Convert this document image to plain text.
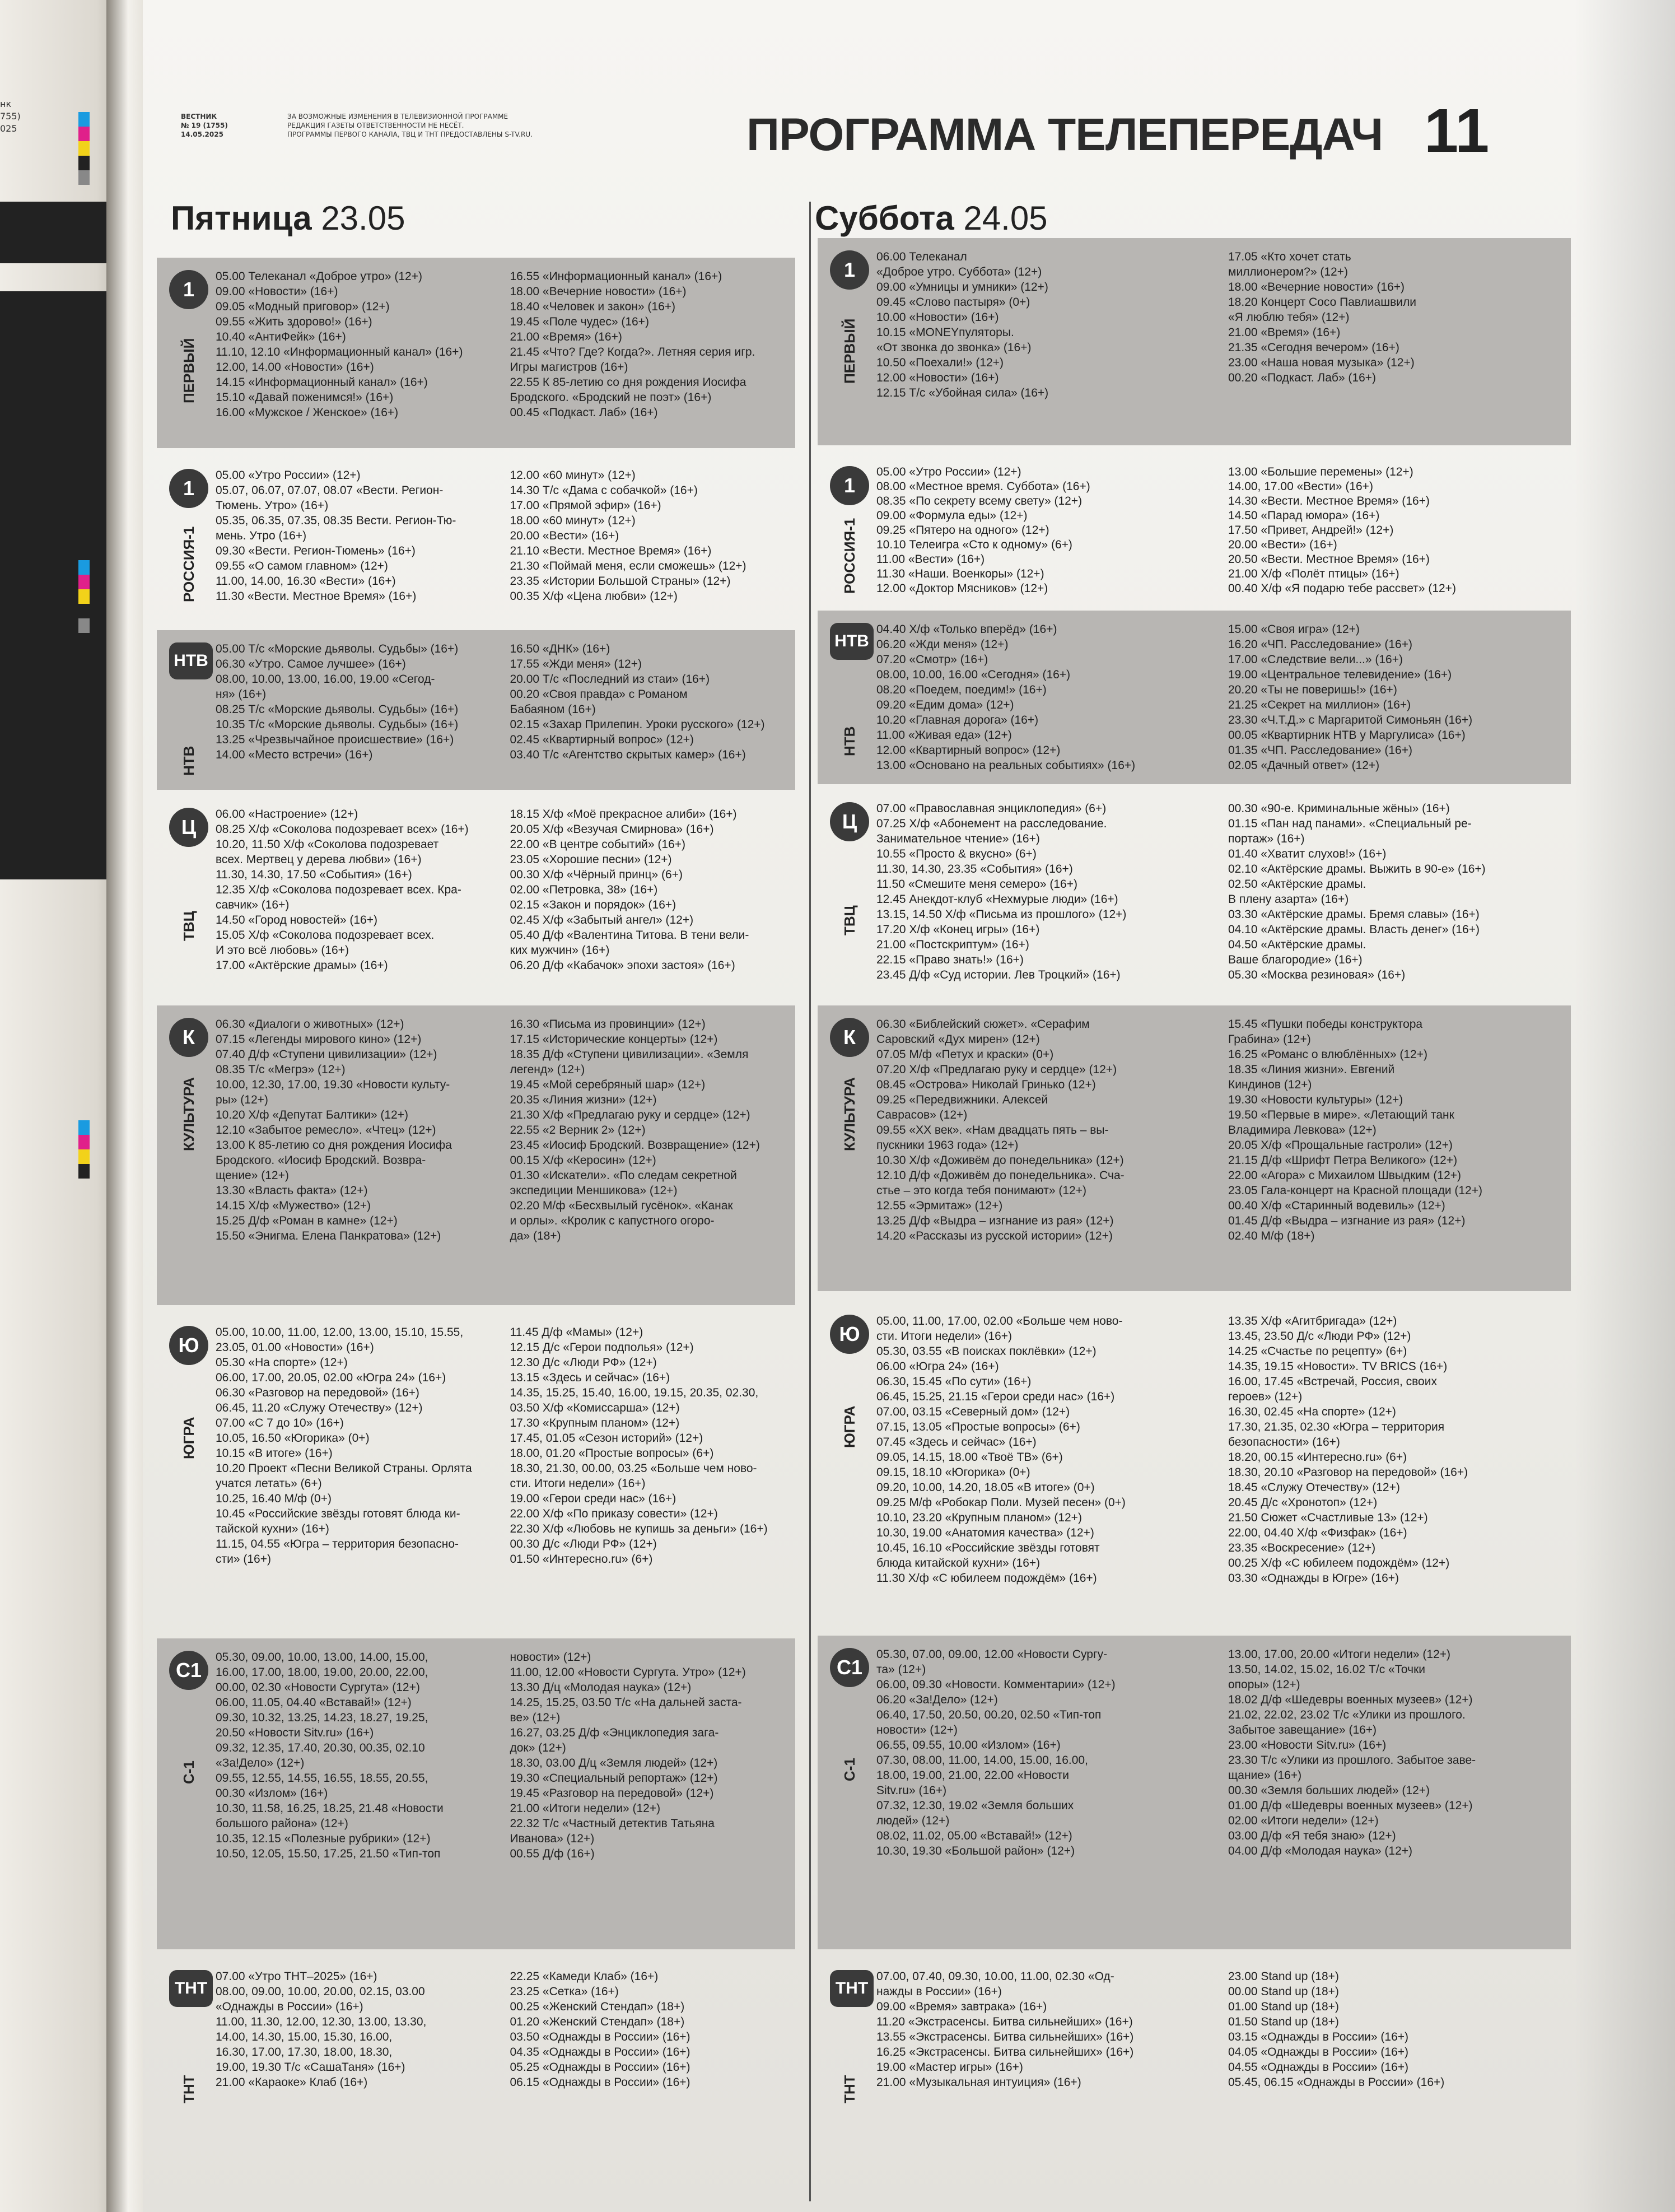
нк
755)
025
ВЕСТНИК
№ 19 (1755)
14.05.2025
ЗА ВОЗМОЖНЫЕ ИЗМЕНЕНИЯ В ТЕЛЕВИЗИОННОЙ ПРОГРАММЕ
РЕДАКЦИЯ ГАЗЕТЫ ОТВЕТСТВЕННОСТИ НЕ НЕСЁТ.
ПРОГРАММЫ ПЕРВОГО КАНАЛА, ТВЦ И ТНТ ПРЕДОСТАВЛЕНЫ S-TV.RU.	ПРОГРАММА ТЕЛЕПЕРЕДАЧ 11
Пятница 23.05	Суббота 24.05
1
ПЕРВЫЙ

05.00 Телеканал «Доброе утро» (12+)

09.00 «Новости» (16+)

09.05 «Модный приговор» (12+)

09.55 «Жить здорово!» (16+)

10.40 «АнтиФейк» (16+)

11.10, 12.10 «Информационный канал» (16+)

12.00, 14.00 «Новости» (16+)

14.15 «Информационный канал» (16+)

15.10 «Давай поженимся!» (16+)

16.00 «Мужское / Женское» (16+)

16.55 «Информационный канал» (16+)

18.00 «Вечерние новости» (16+)

18.40 «Человек и закон» (16+)

19.45 «Поле чудес» (16+)

21.00 «Время» (16+)

21.45 «Что? Где? Когда?». Летняя серия игр.

Игры магистров (16+)

22.55 К 85-летию со дня рождения Иосифа

Бродского. «Бродский не поэт» (16+)

00.45 «Подкаст. Лаб» (16+)

1
РОССИЯ-1

05.00 «Утро России» (12+)

05.07, 06.07, 07.07, 08.07 «Вести. Регион-

Тюмень. Утро» (16+)

05.35, 06.35, 07.35, 08.35 Вести. Регион-Тю-

мень. Утро (16+)

09.30 «Вести. Регион-Тюмень» (16+)

09.55 «О самом главном» (12+)

11.00, 14.00, 16.30 «Вести» (16+)

11.30 «Вести. Местное Время» (16+)

12.00 «60 минут» (12+)

14.30 Т/с «Дама с собачкой» (16+)

17.00 «Прямой эфир» (16+)

18.00 «60 минут» (12+)

20.00 «Вести» (16+)

21.10 «Вести. Местное Время» (16+)

21.30 «Поймай меня, если сможешь» (12+)

23.35 «Истории Большой Страны» (12+)

00.35 Х/ф «Цена любви» (12+)

НТВ
НТВ

05.00 Т/с «Морские дьяволы. Судьбы» (16+)

06.30 «Утро. Самое лучшее» (16+)

08.00, 10.00, 13.00, 16.00, 19.00 «Сегод-

ня» (16+)

08.25 Т/с «Морские дьяволы. Судьбы» (16+)

10.35 Т/с «Морские дьяволы. Судьбы» (16+)

13.25 «Чрезвычайное происшествие» (16+)

14.00 «Место встречи» (16+)

16.50 «ДНК» (16+)

17.55 «Жди меня» (12+)

20.00 Т/с «Последний из стаи» (16+)

00.20 «Своя правда» с Романом

Бабаяном (16+)

02.15 «Захар Прилепин. Уроки русского» (12+)

02.45 «Квартирный вопрос» (12+)

03.40 Т/с «Агентство скрытых камер» (16+)

Ц
ТВЦ

06.00 «Настроение» (12+)

08.25 Х/ф «Соколова подозревает всех» (16+)

10.20, 11.50 Х/ф «Соколова подозревает

всех. Мертвец у дерева любви» (16+)

11.30, 14.30, 17.50 «События» (16+)

12.35 Х/ф «Соколова подозревает всех. Кра-

савчик» (16+)

14.50 «Город новостей» (16+)

15.05 Х/ф «Соколова подозревает всех.

И это всё любовь» (16+)

17.00 «Актёрские драмы» (16+)

18.15 Х/ф «Моё прекрасное алиби» (16+)

20.05 Х/ф «Везучая Смирнова» (16+)

22.00 «В центре событий» (16+)

23.05 «Хорошие песни» (12+)

00.30 Х/ф «Чёрный принц» (6+)

02.00 «Петровка, 38» (16+)

02.15 «Закон и порядок» (16+)

02.45 Х/ф «Забытый ангел» (12+)

05.40 Д/ф «Валентина Титова. В тени вели-

ких мужчин» (16+)

06.20 Д/ф «Кабачок» эпохи застоя» (16+)

К
КУЛЬТУРА

06.30 «Диалоги о животных» (12+)

07.15 «Легенды мирового кино» (12+)

07.40 Д/ф «Ступени цивилизации» (12+)

08.35 Т/с «Мегрэ» (12+)

10.00, 12.30, 17.00, 19.30 «Новости культу-

ры» (12+)

10.20 Х/ф «Депутат Балтики» (12+)

12.10 «Забытое ремесло». «Чтец» (12+)

13.00 К 85-летию со дня рождения Иосифа

Бродского. «Иосиф Бродский. Возвра-

щение» (12+)

13.30 «Власть факта» (12+)

14.15 Х/ф «Мужество» (12+)

15.25 Д/ф «Роман в камне» (12+)

15.50 «Энигма. Елена Панкратова» (12+)

16.30 «Письма из провинции» (12+)

17.15 «Исторические концерты» (12+)

18.35 Д/ф «Ступени цивилизации». «Земля

легенд» (12+)

19.45 «Мой серебряный шар» (12+)

20.35 «Линия жизни» (12+)

21.30 Х/ф «Предлагаю руку и сердце» (12+)

22.55 «2 Верник 2» (12+)

23.45 «Иосиф Бродский. Возвращение» (12+)

00.15 Х/ф «Керосин» (12+)

01.30 «Искатели». «По следам секретной

экспедиции Меншикова» (12+)

02.20 М/ф «Бесхвылый гусёнок». «Канак

и орлы». «Кролик с капустного огоро-

да» (18+)

Ю
ЮГРА

05.00, 10.00, 11.00, 12.00, 13.00, 15.10, 15.55,

23.05, 01.00 «Новости» (16+)

05.30 «На спорте» (12+)

06.00, 17.00, 20.05, 02.00 «Югра 24» (16+)

06.30 «Разговор на передовой» (16+)

06.45, 11.20 «Служу Отечеству» (12+)

07.00 «С 7 до 10» (16+)

10.05, 16.50 «Югорика» (0+)

10.15 «В итоге» (16+)

10.20 Проект «Песни Великой Страны. Орлята

учатся летать» (6+)

10.25, 16.40 М/ф (0+)

10.45 «Российские звёзды готовят блюда ки-

тайской кухни» (16+)

11.15, 04.55 «Югра – территория безопасно-

сти» (16+)

11.45 Д/ф «Мамы» (12+)

12.15 Д/с «Герои подполья» (12+)

12.30 Д/с «Люди РФ» (12+)

13.15 «Здесь и сейчас» (16+)

14.35, 15.25, 15.40, 16.00, 19.15, 20.35, 02.30,

03.50 Х/ф «Комиссарша» (12+)

17.30 «Крупным планом» (12+)

17.45, 01.05 «Сезон историй» (12+)

18.00, 01.20 «Простые вопросы» (6+)

18.30, 21.30, 00.00, 03.25 «Больше чем ново-

сти. Итоги недели» (16+)

19.00 «Герои среди нас» (16+)

22.00 Х/ф «По приказу совести» (12+)

22.30 Х/ф «Любовь не купишь за деньги» (16+)

00.30 Д/с «Люди РФ» (12+)

01.50 «Интересно.ru» (6+)

С1
С-1

05.30, 09.00, 10.00, 13.00, 14.00, 15.00,

16.00, 17.00, 18.00, 19.00, 20.00, 22.00,

00.00, 02.30 «Новости Сургута» (12+)

06.00, 11.05, 04.40 «Вставай!» (12+)

09.30, 10.32, 13.25, 14.23, 18.27, 19.25,

20.50 «Новости Sitv.ru» (16+)

09.32, 12.35, 17.40, 20.30, 00.35, 02.10

«За!Дело» (12+)

09.55, 12.55, 14.55, 16.55, 18.55, 20.55,

00.30 «Излом» (16+)

10.30, 11.58, 16.25, 18.25, 21.48 «Новости

большого района» (12+)

10.35, 12.15 «Полезные рубрики» (12+)

10.50, 12.05, 15.50, 17.25, 21.50 «Тип-топ

новости» (12+)

11.00, 12.00 «Новости Сургута. Утро» (12+)

13.30 Д/ц «Молодая наука» (12+)

14.25, 15.25, 03.50 Т/с «На дальней заста-

ве» (12+)

16.27, 03.25 Д/ф «Энциклопедия загa-

док» (12+)

18.30, 03.00 Д/ц «Земля людей» (12+)

19.30 «Специальный репортаж» (12+)

19.45 «Разговор на передовой» (12+)

21.00 «Итоги недели» (12+)

22.32 Т/с «Частный детектив Татьяна

Иванова» (12+)

00.55 Д/ф (16+)

ТНТ
ТНТ

07.00 «Утро ТНТ–2025» (16+)

08.00, 09.00, 10.00, 20.00, 02.15, 03.00

«Однажды в России» (16+)

11.00, 11.30, 12.00, 12.30, 13.00, 13.30,

14.00, 14.30, 15.00, 15.30, 16.00,

16.30, 17.00, 17.30, 18.00, 18.30,

19.00, 19.30 Т/с «СашаТаня» (16+)

21.00 «Караоке» Клаб (16+)

22.25 «Камеди Клаб» (16+)

23.25 «Сетка» (16+)

00.25 «Женский Стендап» (18+)

01.20 «Женский Стендап» (18+)

03.50 «Однажды в России» (16+)

04.35 «Однажды в России» (16+)

05.25 «Однажды в России» (16+)

06.15 «Однажды в России» (16+)

1
ПЕРВЫЙ

06.00 Телеканал

«Доброе утро. Суббота» (12+)

09.00 «Умницы и умники» (12+)

09.45 «Слово пастыря» (0+)

10.00 «Новости» (16+)

10.15 «MONEYпуляторы.

«От звонка до звонка» (16+)

10.50 «Поехали!» (12+)

12.00 «Новости» (16+)

12.15 Т/с «Убойная сила» (16+)

17.05 «Кто хочет стать

миллионером?» (12+)

18.00 «Вечерние новости» (16+)

18.20 Концерт Сосо Павлиашвили

«Я люблю тебя» (12+)

21.00 «Время» (16+)

21.35 «Сегодня вечером» (16+)

23.00 «Наша новая музыка» (12+)

00.20 «Подкаст. Лаб» (16+)

1
РОССИЯ-1

05.00 «Утро России» (12+)

08.00 «Местное время. Суббота» (16+)

08.35 «По секрету всему свету» (12+)

09.00 «Формула еды» (12+)

09.25 «Пятеро на одного» (12+)

10.10 Телеигра «Сто к одному» (6+)

11.00 «Вести» (16+)

11.30 «Наши. Военкоры» (12+)

12.00 «Доктор Мясников» (12+)

13.00 «Большие перемены» (12+)

14.00, 17.00 «Вести» (16+)

14.30 «Вести. Местное Время» (16+)

14.50 «Парад юмора» (16+)

17.50 «Привет, Андрей!» (12+)

20.00 «Вести» (16+)

20.50 «Вести. Местное Время» (16+)

21.00 Х/ф «Полёт птицы» (16+)

00.40 Х/ф «Я подарю тебе рассвет» (12+)

НТВ
НТВ

04.40 Х/ф «Только вперёд» (16+)

06.20 «Жди меня» (12+)

07.20 «Смотр» (16+)

08.00, 10.00, 16.00 «Сегодня» (16+)

08.20 «Поедем, поедим!» (16+)

09.20 «Едим дома» (12+)

10.20 «Главная дорога» (16+)

11.00 «Живая еда» (12+)

12.00 «Квартирный вопрос» (12+)

13.00 «Основано на реальных событиях» (16+)

15.00 «Своя игра» (12+)

16.20 «ЧП. Расследование» (16+)

17.00 «Следствие вели...» (16+)

19.00 «Центральное телевидение» (16+)

20.20 «Ты не поверишь!» (16+)

21.25 «Секрет на миллион» (16+)

23.30 «Ч.Т.Д.» с Маргаритой Симоньян (16+)

00.05 «Квартирник НТВ у Маргулиса» (16+)

01.35 «ЧП. Расследование» (16+)

02.05 «Дачный ответ» (12+)

Ц
ТВЦ

07.00 «Православная энциклопедия» (6+)

07.25 Х/ф «Абонемент на расследование.

Занимательное чтение» (16+)

10.55 «Просто & вкусно» (6+)

11.30, 14.30, 23.35 «События» (16+)

11.50 «Смешите меня семеро» (16+)

12.45 Анекдот-клуб «Нехмурые люди» (16+)

13.15, 14.50 Х/ф «Письма из прошлого» (12+)

17.20 Х/ф «Конец игры» (16+)

21.00 «Постскриптум» (16+)

22.15 «Право знать!» (16+)

23.45 Д/ф «Суд истории. Лев Троцкий» (16+)

00.30 «90-е. Криминальные жёны» (16+)

01.15 «Пан над панами». «Специальный ре-

портаж» (16+)

01.40 «Хватит слухов!» (16+)

02.10 «Актёрские драмы. Выжить в 90-е» (16+)

02.50 «Актёрские драмы.

В плену азарта» (16+)

03.30 «Актёрские драмы. Бремя славы» (16+)

04.10 «Актёрские драмы. Власть денег» (16+)

04.50 «Актёрские драмы.

Ваше благородие» (16+)

05.30 «Москва резиновая» (16+)

К
КУЛЬТУРА

06.30 «Библейский сюжет». «Серафим

Саровский «Дух мирен» (12+)

07.05 М/ф «Петух и краски» (0+)

07.20 Х/ф «Предлагаю руку и сердце» (12+)

08.45 «Острова» Николай Гринько (12+)

09.25 «Передвижники. Алексей

Саврасов» (12+)

09.55 «XX век». «Нам двадцать пять – вы-

пускники 1963 года» (12+)

10.30 Х/ф «Доживём до понедельника» (12+)

12.10 Д/ф «Доживём до понедельника». Сча-

стье – это когда тебя понимают» (12+)

12.55 «Эрмитаж» (12+)

13.25 Д/ф «Выдра – изгнание из рая» (12+)

14.20 «Рассказы из русской истории» (12+)

15.45 «Пушки победы конструктора

Грабина» (12+)

16.25 «Романс о влюблённых» (12+)

18.35 «Линия жизни». Евгений

Киндинов (12+)

19.30 «Новости культуры» (12+)

19.50 «Первые в мире». «Летающий танк

Владимира Левкова» (12+)

20.05 Х/ф «Прощальные гастроли» (12+)

21.15 Д/ф «Шрифт Петра Великого» (12+)

22.00 «Агора» с Михаилом Швыдким (12+)

23.05 Гала-концерт на Красной площади (12+)

00.40 Х/ф «Старинный водевиль» (12+)

01.45 Д/ф «Выдра – изгнание из рая» (12+)

02.40 М/ф (18+)

Ю
ЮГРА

05.00, 11.00, 17.00, 02.00 «Больше чем ново-

сти. Итоги недели» (16+)

05.30, 03.55 «В поисках поклёвки» (12+)

06.00 «Югра 24» (16+)

06.30, 15.45 «По сути» (16+)

06.45, 15.25, 21.15 «Герои среди нас» (16+)

07.00, 03.15 «Северный дом» (12+)

07.15, 13.05 «Простые вопросы» (6+)

07.45 «Здесь и сейчас» (16+)

09.05, 14.15, 18.00 «Твоё ТВ» (6+)

09.15, 18.10 «Югорика» (0+)

09.20, 10.00, 14.20, 18.05 «В итоге» (0+)

09.25 М/ф «Робокар Поли. Музей песен» (0+)

10.10, 23.20 «Крупным планом» (12+)

10.30, 19.00 «Анатомия качества» (12+)

10.45, 16.10 «Российские звёзды готовят

блюда китайской кухни» (16+)

11.30 Х/ф «С юбилеем подождём» (16+)

13.35 Х/ф «Агитбригада» (12+)

13.45, 23.50 Д/с «Люди РФ» (12+)

14.25 «Счастье по рецепту» (6+)

14.35, 19.15 «Новости». TV BRICS (16+)

16.00, 17.45 «Встречай, Россия, своих

героев» (12+)

16.30, 02.45 «На спорте» (12+)

17.30, 21.35, 02.30 «Югра – территория

безопасности» (16+)

18.20, 00.15 «Интересно.ru» (6+)

18.30, 20.10 «Разговор на передовой» (16+)

18.45 «Служу Отечеству» (12+)

20.45 Д/с «Хронотоп» (12+)

21.50 Сюжет «Счастливые 13» (12+)

22.00, 04.40 Х/ф «Физфак» (16+)

23.35 «Воскресение» (12+)

00.25 Х/ф «С юбилеем подождём» (12+)

03.30 «Однажды в Югре» (16+)

С1
С-1

05.30, 07.00, 09.00, 12.00 «Новости Сургу-

та» (12+)

06.00, 09.30 «Новости. Комментарии» (12+)

06.20 «За!Дело» (12+)

06.40, 17.50, 20.50, 00.20, 02.50 «Тип-топ

новости» (12+)

06.55, 09.55, 10.00 «Излом» (16+)

07.30, 08.00, 11.00, 14.00, 15.00, 16.00,

18.00, 19.00, 21.00, 22.00 «Новости

Sitv.ru» (16+)

07.32, 12.30, 19.02 «Земля больших

людей» (12+)

08.02, 11.02, 05.00 «Вставай!» (12+)

10.30, 19.30 «Большой район» (12+)

13.00, 17.00, 20.00 «Итоги недели» (12+)

13.50, 14.02, 15.02, 16.02 Т/с «Точки

опоры» (12+)

18.02 Д/ф «Шедевры военных музеев» (12+)

21.02, 22.02, 23.02 Т/с «Улики из прошлого.

Забытое завещание» (16+)

23.00 «Новости Sitv.ru» (16+)

23.30 Т/с «Улики из прошлого. Забытое заве-

щание» (16+)

00.30 «Земля больших людей» (12+)

01.00 Д/ф «Шедевры военных музеев» (12+)

02.00 «Итоги недели» (12+)

03.00 Д/ф «Я тебя знаю» (12+)

04.00 Д/ф «Молодая наука» (12+)

ТНТ
ТНТ

07.00, 07.40, 09.30, 10.00, 11.00, 02.30 «Од-

нажды в России» (16+)

09.00 «Время» завтрака» (16+)

11.20 «Экстрасенсы. Битва сильнейших» (16+)

13.55 «Экстрасенсы. Битва сильнейших» (16+)

16.25 «Экстрасенсы. Битва сильнейших» (16+)

19.00 «Мастер игры» (16+)

21.00 «Музыкальная интуиция» (16+)

23.00 Stand up (18+)

00.00 Stand up (18+)

01.00 Stand up (18+)

01.50 Stand up (18+)

03.15 «Однажды в России» (16+)

04.05 «Однажды в России» (16+)

04.55 «Однажды в России» (16+)

05.45, 06.15 «Однажды в России» (16+)
